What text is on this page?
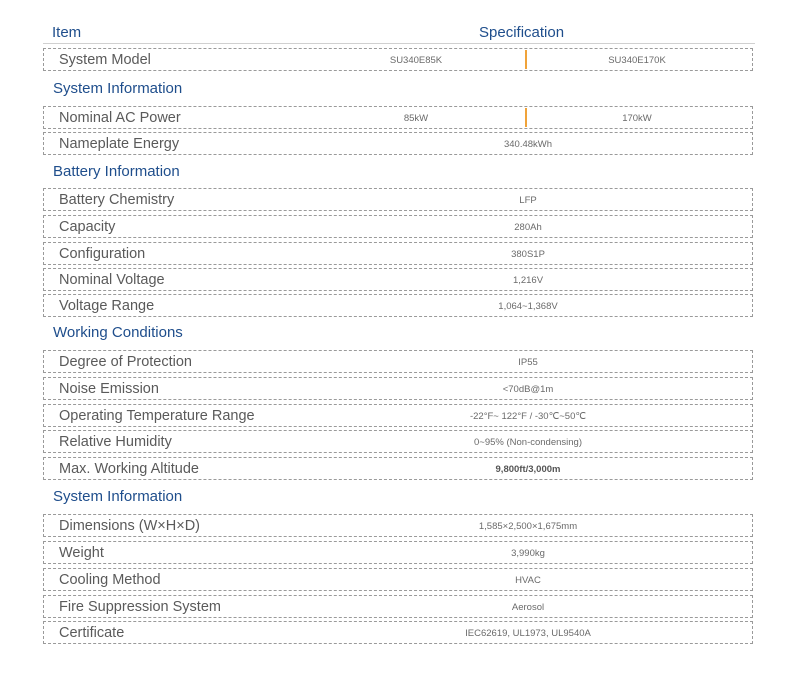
Item	Specification
System Model	SU340E85K	SU340E170K
System Information
Nominal AC Power	85kW	170kW
Nameplate Energy	340.48kWh
Battery Information
Battery Chemistry	LFP
Capacity	280Ah
Configuration	380S1P
Nominal Voltage	1,216V
Voltage Range	1,064~1,368V
Working Conditions
Degree of Protection	IP55
Noise Emission	<70dB@1m
Operating Temperature Range	-22°F~ 122°F / -30℃~50℃
Relative Humidity	0~95% (Non-condensing)
Max. Working Altitude	9,800ft/3,000m
System Information
Dimensions (W×H×D)	1,585×2,500×1,675mm
Weight	3,990kg
Cooling Method	HVAC
Fire Suppression System	Aerosol
Certificate	IEC62619, UL1973, UL9540A
